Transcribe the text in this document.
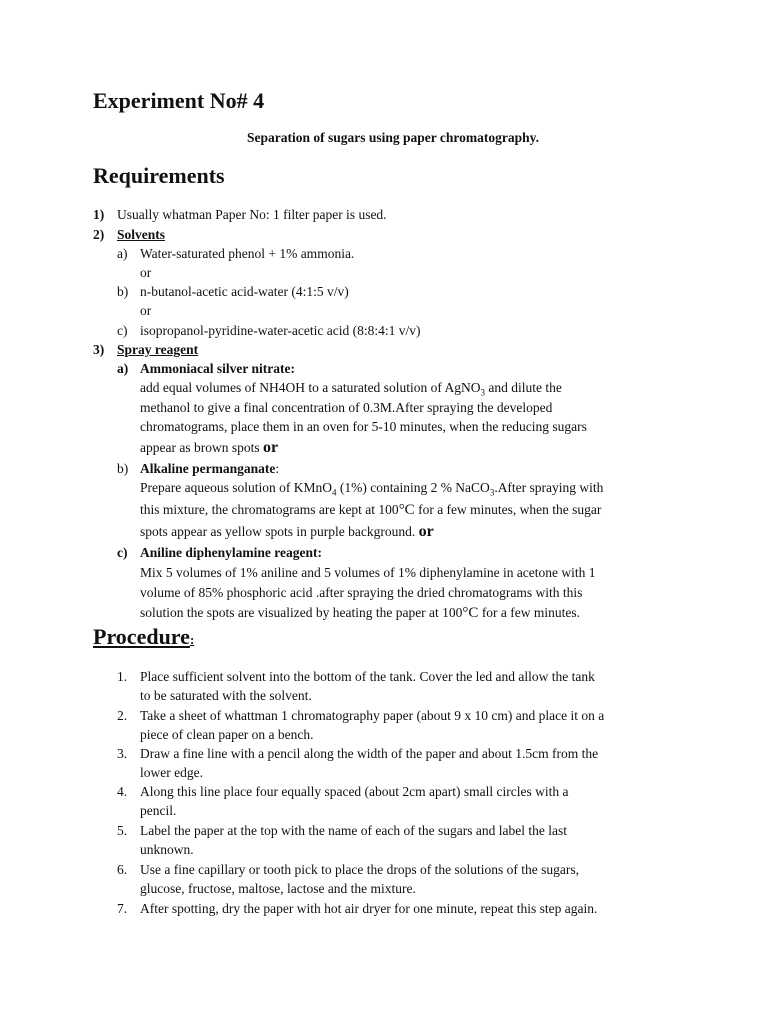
Experiment No# 4
Separation of sugars using paper chromatography.
Requirements
1) Usually whatman Paper No: 1 filter paper is used.
2) Solvents
a) Water-saturated phenol + 1% ammonia.
or
b) n-butanol-acetic acid-water (4:1:5 v/v)
or
c) isopropanol-pyridine-water-acetic acid (8:8:4:1 v/v)
3) Spray reagent
a) Ammoniacal silver nitrate:
add equal volumes of NH4OH to a saturated solution of AgNO$_3$ and dilute the
methanol to give a final concentration of 0.3M.After spraying the developed
chromatograms, place them in an oven for 5-10 minutes, when the reducing sugars
appear as brown spots or
b) Alkaline permanganate:
Prepare aqueous solution of KMnO$_4$ (1%) containing 2 % NaCO$_3$.After spraying with
this mixture, the chromatograms are kept at 100°C for a few minutes, when the sugar
spots appear as yellow spots in purple background. or
c) Aniline diphenylamine reagent:
Mix 5 volumes of 1% aniline and 5 volumes of 1% diphenylamine in acetone with 1
volume of 85% phosphoric acid .after spraying the dried chromatograms with this
solution the spots are visualized by heating the paper at 100°C for a few minutes.
Procedure:
1. Place sufficient solvent into the bottom of the tank. Cover the led and allow the tank
to be saturated with the solvent.
2. Take a sheet of whattman 1 chromatography paper (about 9 x 10 cm) and place it on a
piece of clean paper on a bench.
3. Draw a fine line with a pencil along the width of the paper and about 1.5cm from the
lower edge.
4. Along this line place four equally spaced (about 2cm apart) small circles with a
pencil.
5. Label the paper at the top with the name of each of the sugars and label the last
unknown.
6. Use a fine capillary or tooth pick to place the drops of the solutions of the sugars,
glucose, fructose, maltose, lactose and the mixture.
7. After spotting, dry the paper with hot air dryer for one minute, repeat this step again.
